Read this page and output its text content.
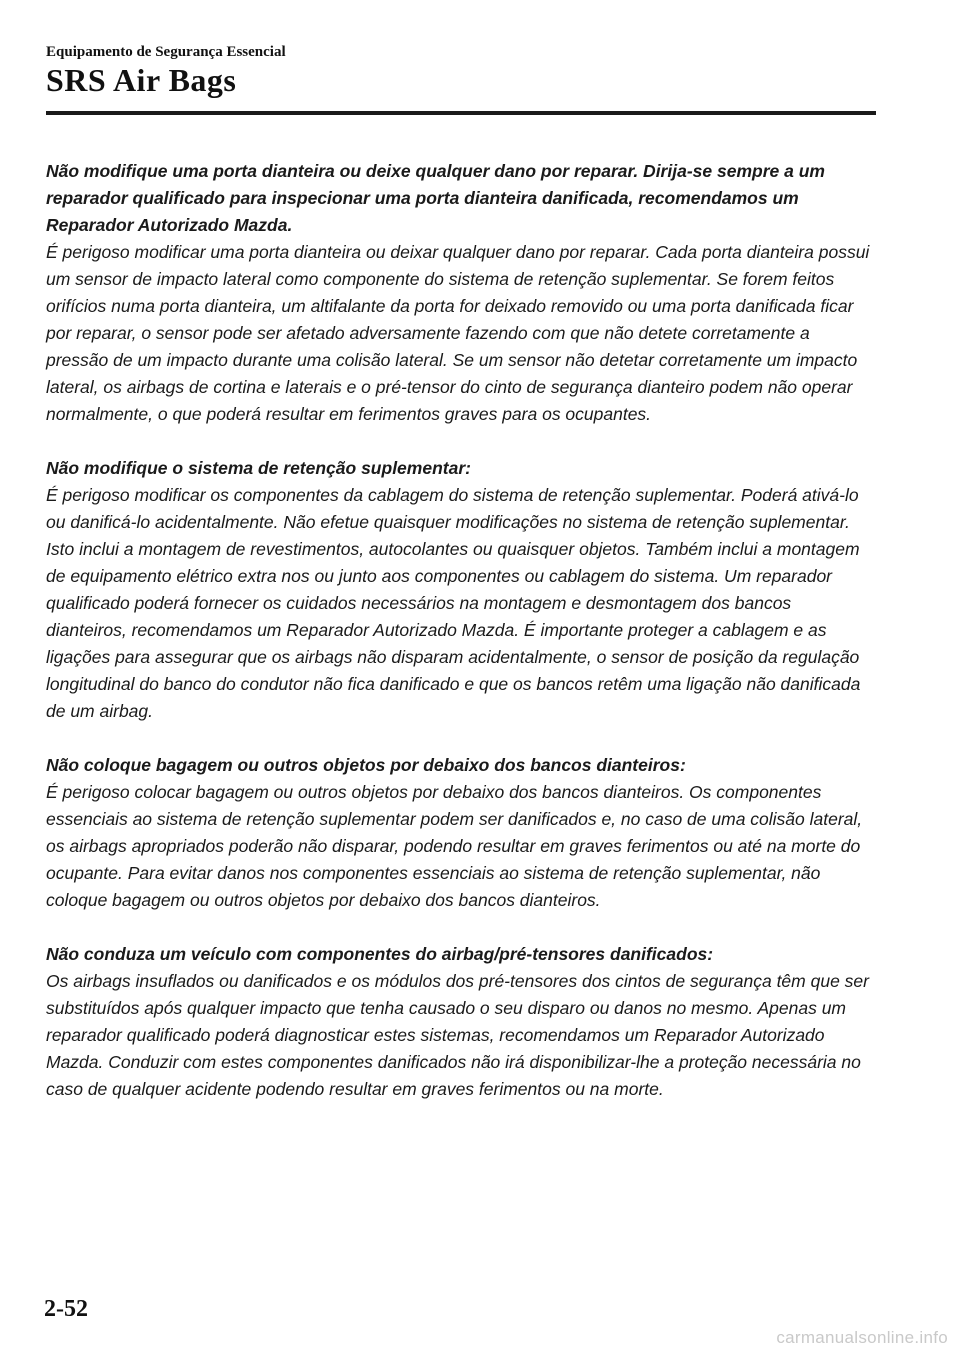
Equipamento de Segurança Essencial
SRS Air Bags

Não modifique uma porta dianteira ou deixe qualquer dano por reparar. Dirija-se sempre a um reparador qualificado para inspecionar uma porta dianteira danificada, recomendamos um Reparador Autorizado Mazda.

É perigoso modificar uma porta dianteira ou deixar qualquer dano por reparar. Cada porta dianteira possui um sensor de impacto lateral como componente do sistema de retenção suplementar. Se forem feitos orifícios numa porta dianteira, um altifalante da porta for deixado removido ou uma porta danificada ficar por reparar, o sensor pode ser afetado adversamente fazendo com que não detete corretamente a pressão de um impacto durante uma colisão lateral. Se um sensor não detetar corretamente um impacto lateral, os airbags de cortina e laterais e o pré-tensor do cinto de segurança dianteiro podem não operar normalmente, o que poderá resultar em ferimentos graves para os ocupantes.

Não modifique o sistema de retenção suplementar:

É perigoso modificar os componentes da cablagem do sistema de retenção suplementar. Poderá ativá-lo ou danificá-lo acidentalmente. Não efetue quaisquer modificações no sistema de retenção suplementar. Isto inclui a montagem de revestimentos, autocolantes ou quaisquer objetos. Também inclui a montagem de equipamento elétrico extra nos ou junto aos componentes ou cablagem do sistema. Um reparador qualificado poderá fornecer os cuidados necessários na montagem e desmontagem dos bancos dianteiros, recomendamos um Reparador Autorizado Mazda. É importante proteger a cablagem e as ligações para assegurar que os airbags não disparam acidentalmente, o sensor de posição da regulação longitudinal do banco do condutor não fica danificado e que os bancos retêm uma ligação não danificada de um airbag.

Não coloque bagagem ou outros objetos por debaixo dos bancos dianteiros:

É perigoso colocar bagagem ou outros objetos por debaixo dos bancos dianteiros. Os componentes essenciais ao sistema de retenção suplementar podem ser danificados e, no caso de uma colisão lateral, os airbags apropriados poderão não disparar, podendo resultar em graves ferimentos ou até na morte do ocupante. Para evitar danos nos componentes essenciais ao sistema de retenção suplementar, não coloque bagagem ou outros objetos por debaixo dos bancos dianteiros.

Não conduza um veículo com componentes do airbag/pré-tensores danificados:

Os airbags insuflados ou danificados e os módulos dos pré-tensores dos cintos de segurança têm que ser substituídos após qualquer impacto que tenha causado o seu disparo ou danos no mesmo. Apenas um reparador qualificado poderá diagnosticar estes sistemas, recomendamos um Reparador Autorizado Mazda. Conduzir com estes componentes danificados não irá disponibilizar-lhe a proteção necessária no caso de qualquer acidente podendo resultar em graves ferimentos ou na morte.

2-52
carmanualsonline.info
